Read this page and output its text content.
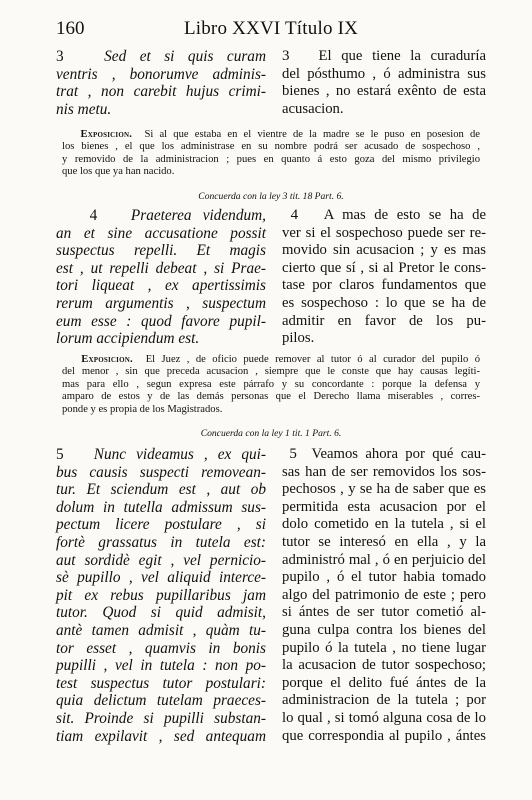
160	Libro XXVI Título IX
3	Sed et si quis curam
ventris , bonorumve adminis-
trat , non carebit hujus crimi-
nis metu.
3 El que tiene la curaduría
del pósthumo , ó administra sus
bienes , no estará exênto de esta
acusacion.
Exposicion. Si al que estaba en el vientre de la madre se le puso en posesion de
los bienes , el que los administrase en su nombre podrá ser acusado de sospechoso ,
y removido de la administracion ; pues en quanto á esto goza del mismo privilegio
que los que ya han nacido.
Concuerda con la ley 3 tit. 18 Part. 6.
4 Praeterea videndum,
an et sine accusatione possit
suspectus repelli. Et magis
est , ut repelli debeat , si Prae-
tori liqueat , ex apertissimis
rerum argumentis , suspectum
eum esse : quod favore pupil-
lorum accipiendum est.
4 A mas de esto se ha de
ver si el sospechoso puede ser re-
movido sin acusacion ; y es mas
cierto que sí , si al Pretor le cons-
tase por claros fundamentos que
es sospechoso : lo que se ha de
admitir en favor de los pu-
pilos.
Exposicion. El Juez , de oficio puede remover al tutor ó al curador del pupilo ó
del menor , sin que preceda acusacion , siempre que le conste que hay causas legíti-
mas para ello , segun expresa este párrafo y su concordante : porque la defensa y
amparo de estos y de las demás personas que el Derecho llama miserables , corres-
ponde y es propia de los Magistrados.
Concuerda con la ley 1 tit. 1 Part. 6.
5 Nunc videamus , ex qui-
bus causis suspecti removean-
tur. Et sciendum est , aut ob
dolum in tutella admissum sus-
pectum licere postulare , si
fortè grassatus in tutela est:
aut sordidè egit , vel pernicio-
sè pupillo , vel aliquid interce-
pit ex rebus pupillaribus jam
tutor. Quod si quid admisit,
antè tamen admisit , quàm tu-
tor esset , quamvis in bonis
pupilli , vel in tutela : non po-
test suspectus tutor postulari:
quia delictum tutelam praeces-
sit. Proinde si pupilli substan-
tiam expilavit , sed antequam
5 Veamos ahora por qué cau-
sas han de ser removidos los sos-
pechosos , y se ha de saber que es
permitida esta acusacion por el
dolo cometido en la tutela , si el
tutor se interesó en ella , y la
administró mal , ó en perjuicio del
pupilo , ó el tutor habia tomado
algo del patrimonio de este ; pero
si ántes de ser tutor cometió al-
guna culpa contra los bienes del
pupilo ó la tutela , no tiene lugar
la acusacion de tutor sospechoso;
porque el delito fué ántes de la
administracion de la tutela ; por
lo qual , si tomó alguna cosa de lo
que correspondia al pupilo , ántes
